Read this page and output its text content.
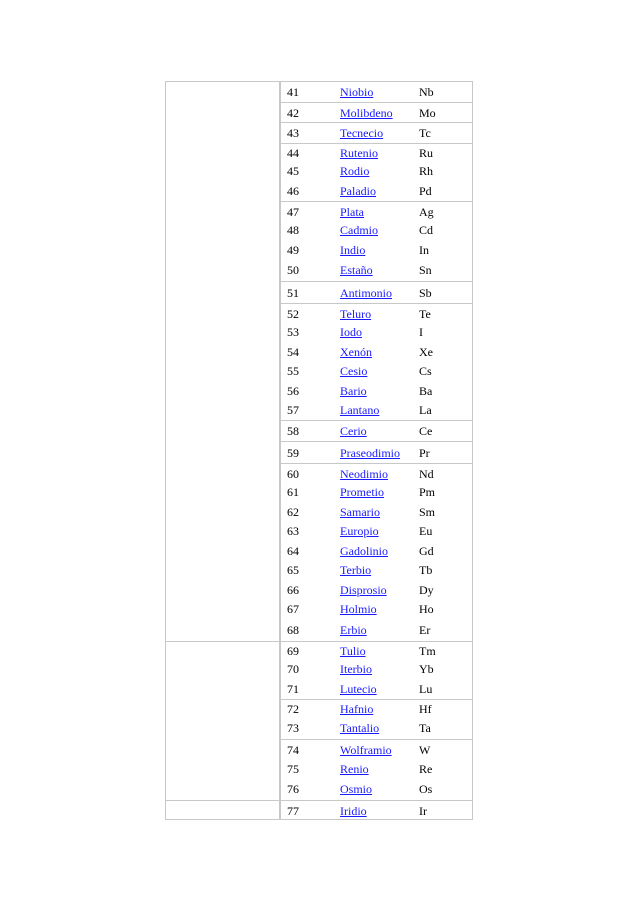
41	Niobio	Nb
42	Molibdeno	Mo
43	Tecnecio	Tc
44	Rutenio	Ru
45	Rodio	Rh
46	Paladio	Pd
47	Plata	Ag
48	Cadmio	Cd
49	Indio	In
50	Estaño	Sn
51	Antimonio	Sb
52	Teluro	Te
53	Iodo	I
54	Xenón	Xe
55	Cesio	Cs
56	Bario	Ba
57	Lantano	La
58	Cerio	Ce
59	Praseodimio	Pr
60	Neodimio	Nd
61	Prometio	Pm
62	Samario	Sm
63	Europio	Eu
64	Gadolinio	Gd
65	Terbio	Tb
66	Disprosio	Dy
67	Holmio	Ho
68	Erbio	Er
69	Tulio	Tm
70	Iterbio	Yb
71	Lutecio	Lu
72	Hafnio	Hf
73	Tantalio	Ta
74	Wolframio	W
75	Renio	Re
76	Osmio	Os
77	Iridio	Ir
